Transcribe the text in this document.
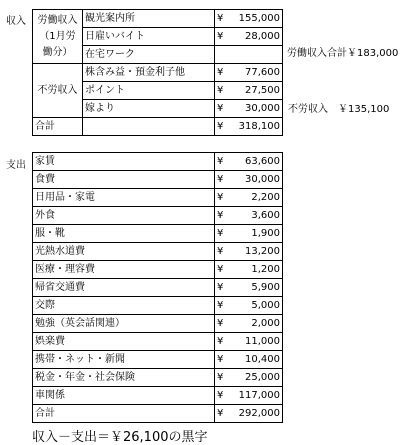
収入 労働収入
（1月労
働分）	観光案内所	¥	155,000
	日雇いバイト	¥	28,000
	在宅ワーク		
不労収入	株含み益・預金利子他	¥	77,600
	ポイント	¥	27,500
	嫁より	¥	30,000
合計		¥	318,100
労働収入合計￥183,000
不労収入　￥135,100
支出 家賃	¥	63,600
食費	¥	30,000
日用品・家電	¥	2,200
外食	¥	3,600
服・靴	¥	1,900
光熱水道費	¥	13,200
医療・理容費	¥	1,200
帰省交通費	¥	5,900
交際	¥	5,000
勉強（英会話関連）	¥	2,000
娯楽費	¥	11,000
携帯・ネット・新聞	¥	10,400
税金・年金・社会保険	¥	25,000
車関係	¥	117,000
合計	¥	292,000
収入－支出＝￥26,100の黒字
